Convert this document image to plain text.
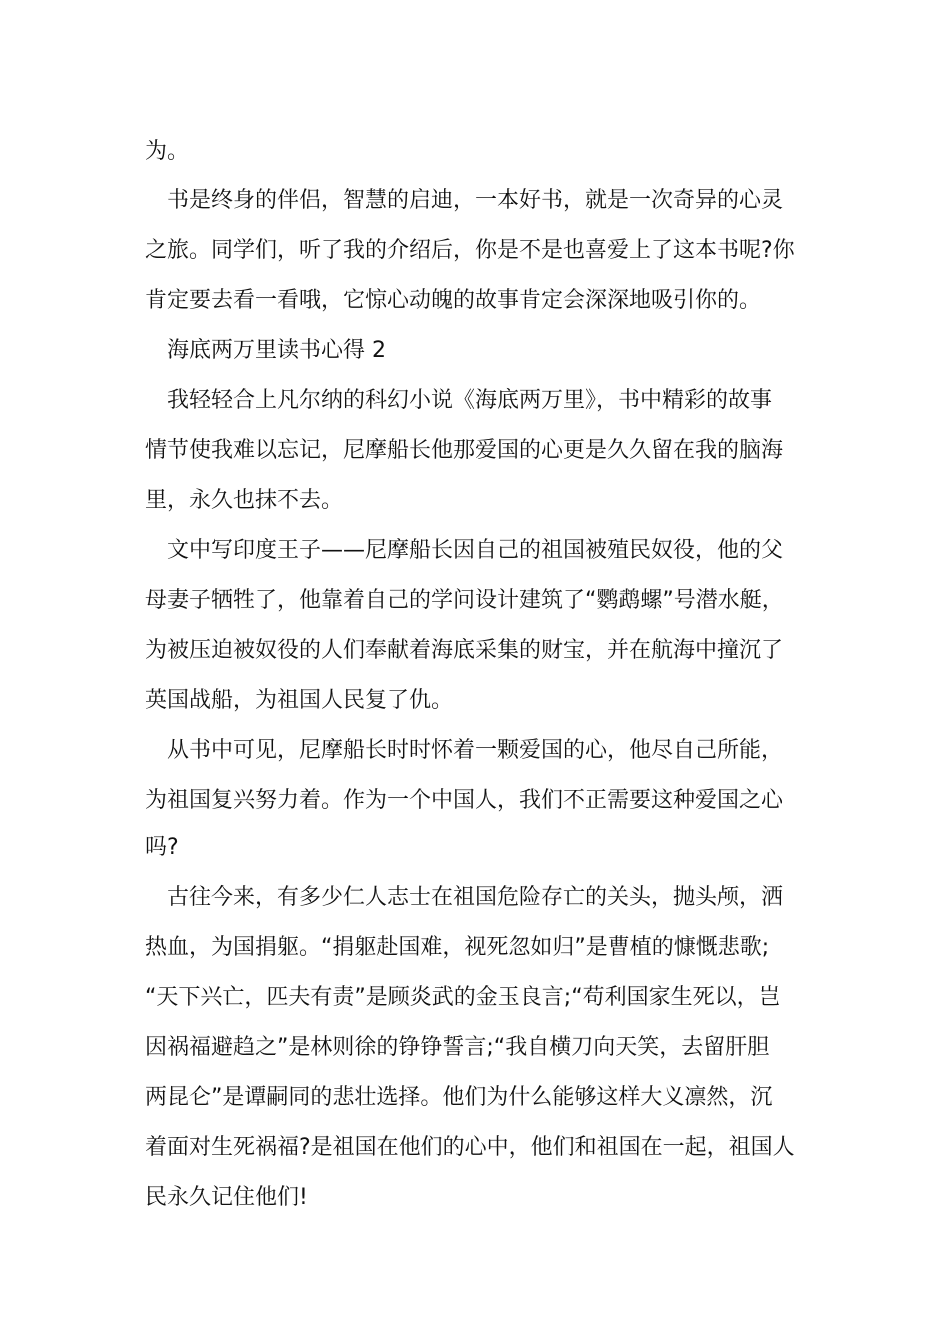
为。

书是终身的伴侣，智慧的启迪，一本好书，就是一次奇异的心灵

之旅。同学们，听了我的介绍后，你是不是也喜爱上了这本书呢?你

肯定要去看一看哦，它惊心动魄的故事肯定会深深地吸引你的。

海底两万里读书心得 2

我轻轻合上凡尔纳的科幻小说《海底两万里》，书中精彩的故事

情节使我难以忘记，尼摩船长他那爱国的心更是久久留在我的脑海

里，永久也抹不去。

文中写印度王子——尼摩船长因自己的祖国被殖民奴役，他的父

母妻子牺牲了，他靠着自己的学问设计建筑了“鹦鹉螺”号潜水艇，

为被压迫被奴役的人们奉献着海底采集的财宝，并在航海中撞沉了

英国战船，为祖国人民复了仇。

从书中可见，尼摩船长时时怀着一颗爱国的心，他尽自己所能，

为祖国复兴努力着。作为一个中国人，我们不正需要这种爱国之心

吗?

古往今来，有多少仁人志士在祖国危险存亡的关头，抛头颅，洒

热血，为国捐躯。“捐躯赴国难，视死忽如归”是曹植的慷慨悲歌;

“天下兴亡，匹夫有责”是顾炎武的金玉良言;“苟利国家生死以，岂

因祸福避趋之”是林则徐的铮铮誓言;“我自横刀向天笑，去留肝胆

两昆仑”是谭嗣同的悲壮选择。他们为什么能够这样大义凛然，沉

着面对生死祸福?是祖国在他们的心中，他们和祖国在一起，祖国人

民永久记住他们!
